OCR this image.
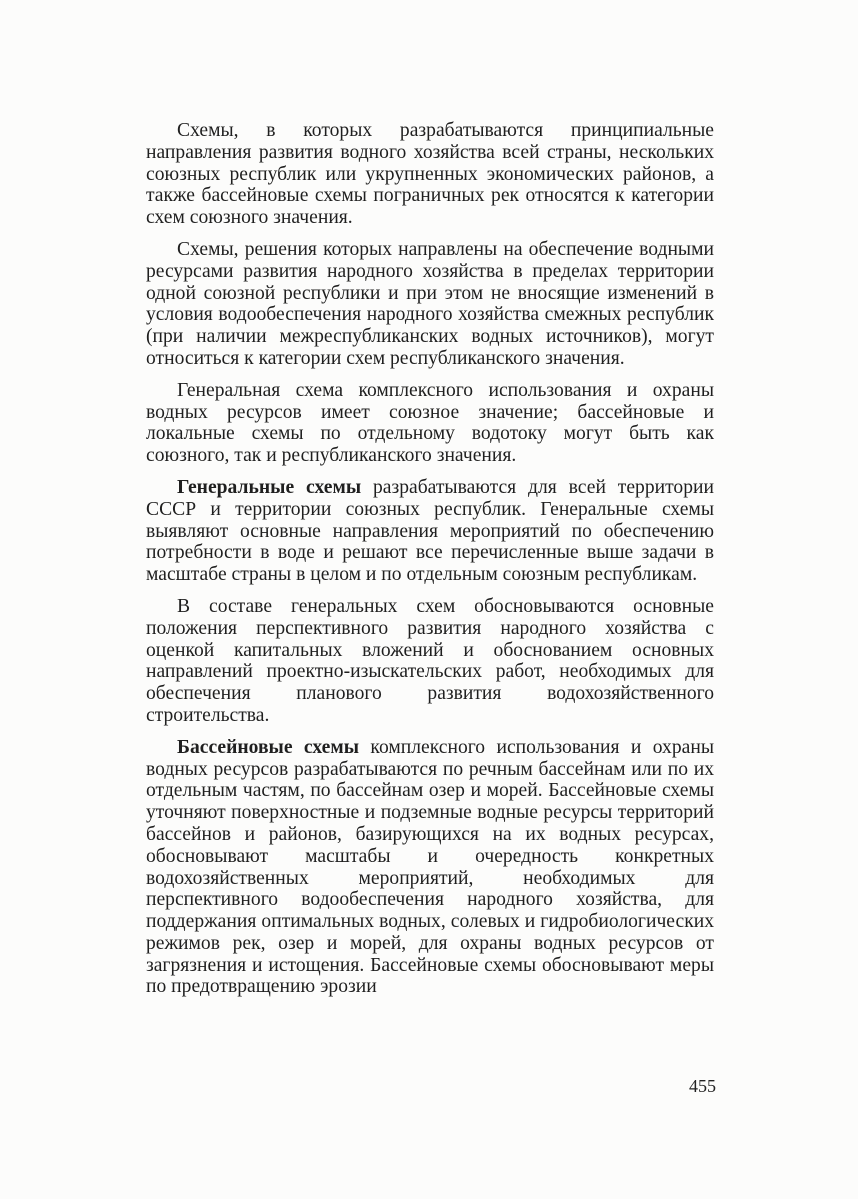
Схемы, в которых разрабатываются принципиальные направления развития водного хозяйства всей страны, нескольких союзных республик или укрупненных экономических районов, а также бассейновые схемы пограничных рек относятся к категории схем союзного значения.

Схемы, решения которых направлены на обеспечение водными ресурсами развития народного хозяйства в пределах территории одной союзной республики и при этом не вносящие изменений в условия водообеспечения народного хозяйства смежных республик (при наличии межреспубликанских водных источников), могут относиться к категории схем республиканского значения.

Генеральная схема комплексного использования и охраны водных ресурсов имеет союзное значение; бассейновые и локальные схемы по отдельному водотоку могут быть как союзного, так и республиканского значения.

Генеральные схемы разрабатываются для всей территории СССР и территории союзных республик. Генеральные схемы выявляют основные направления мероприятий по обеспечению потребности в воде и решают все перечисленные выше задачи в масштабе страны в целом и по отдельным союзным республикам.

В составе генеральных схем обосновываются основные положения перспективного развития народного хозяйства с оценкой капитальных вложений и обоснованием основных направлений проектно-изыскательских работ, необходимых для обеспечения планового развития водохозяйственного строительства.

Бассейновые схемы комплексного использования и охраны водных ресурсов разрабатываются по речным бассейнам или по их отдельным частям, по бассейнам озер и морей. Бассейновые схемы уточняют поверхностные и подземные водные ресурсы территорий бассейнов и районов, базирующихся на их водных ресурсах, обосновывают масштабы и очередность конкретных водохозяйственных мероприятий, необходимых для перспективного водообеспечения народного хозяйства, для поддержания оптимальных водных, солевых и гидробиологических режимов рек, озер и морей, для охраны водных ресурсов от загрязнения и истощения. Бассейновые схемы обосновывают меры по предотвращению эрозии

455
